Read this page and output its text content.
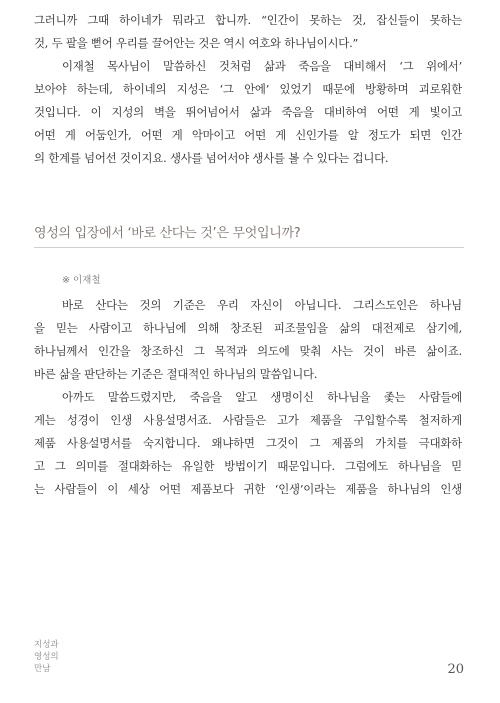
그러니까 그때 하이네가 뭐라고 합니까. “인간이 못하는 것, 잡신들이 못하는
것, 두 팔을 뻗어 우리를 끌어안는 것은 역시 여호와 하나님이시다.”
이재철 목사님이 말씀하신 것처럼 삶과 죽음을 대비해서 ‘그 위에서’
보아야 하는데, 하이네의 지성은 ‘그 안에’ 있었기 때문에 방황하며 괴로워한
것입니다. 이 지성의 벽을 뛰어넘어서 삶과 죽음을 대비하여 어떤 게 빛이고
어떤 게 어둠인가, 어떤 게 악마이고 어떤 게 신인가를 알 정도가 되면 인간
의 한계를 넘어선 것이지요. 생사를 넘어서야 생사를 볼 수 있다는 겁니다.
영성의 입장에서 ‘바로 산다는 것’은 무엇입니까?
※ 이재철
바로 산다는 것의 기준은 우리 자신이 아닙니다. 그리스도인은 하나님
을 믿는 사람이고 하나님에 의해 창조된 피조물임을 삶의 대전제로 삼기에,
하나님께서 인간을 창조하신 그 목적과 의도에 맞춰 사는 것이 바른 삶이죠.
바른 삶을 판단하는 기준은 절대적인 하나님의 말씀입니다.
아까도 말씀드렸지만, 죽음을 알고 생명이신 하나님을 좇는 사람들에
게는 성경이 인생 사용설명서죠. 사람들은 고가 제품을 구입할수록 철저하게
제품 사용설명서를 숙지합니다. 왜냐하면 그것이 그 제품의 가치를 극대화하
고 그 의미를 절대화하는 유일한 방법이기 때문입니다. 그럼에도 하나님을 믿
는 사람들이 이 세상 어떤 제품보다 귀한 ‘인생’이라는 제품을 하나님의 인생
지성과
영성의
만남	20
